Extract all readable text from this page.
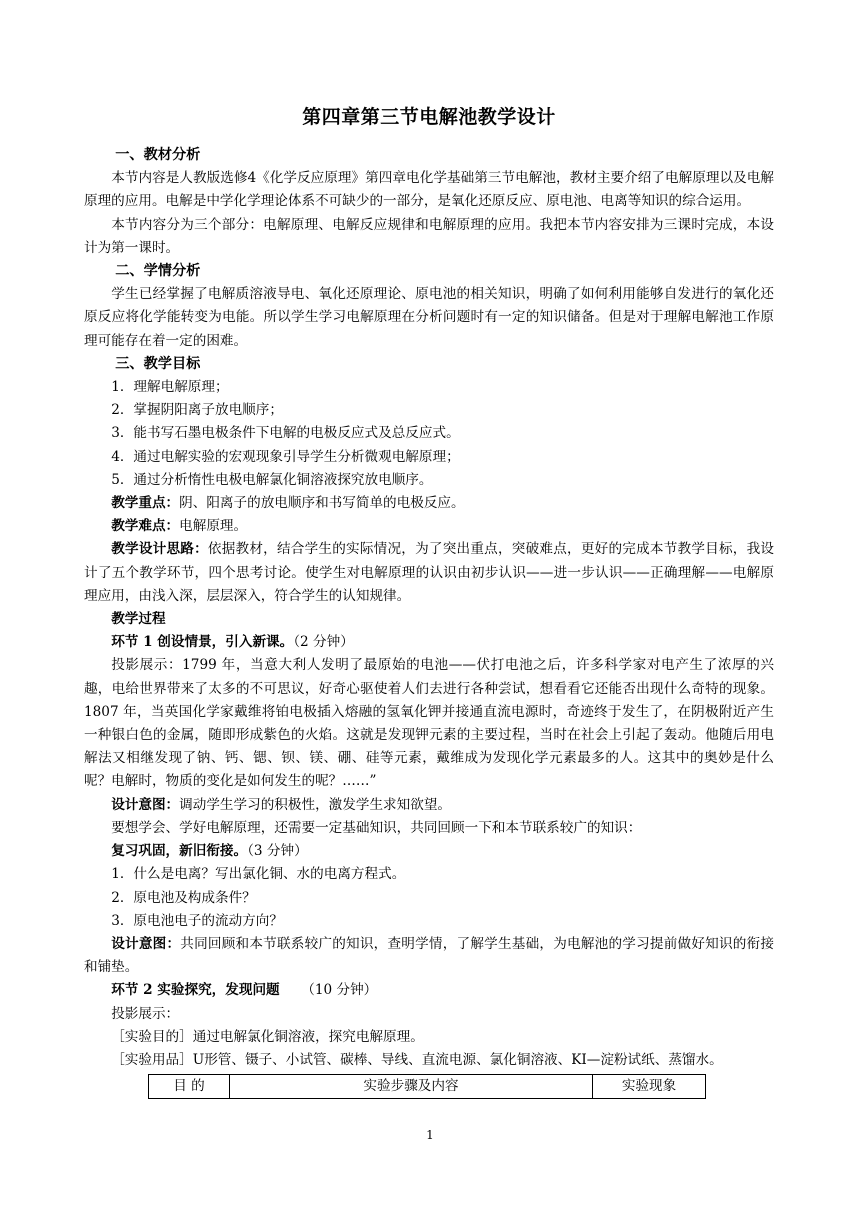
第四章第三节电解池教学设计

一、教材分析

本节内容是人教版选修4《化学反应原理》第四章电化学基础第三节电解池，教材主要介绍了电解原理以及电解原理的应用。电解是中学化学理论体系不可缺少的一部分，是氧化还原反应、原电池、电离等知识的综合运用。

本节内容分为三个部分：电解原理、电解反应规律和电解原理的应用。我把本节内容安排为三课时完成，本设计为第一课时。

二、学情分析

学生已经掌握了电解质溶液导电、氧化还原理论、原电池的相关知识，明确了如何利用能够自发进行的氧化还原反应将化学能转变为电能。所以学生学习电解原理在分析问题时有一定的知识储备。但是对于理解电解池工作原理可能存在着一定的困难。

三、教学目标

1．理解电解原理；

2．掌握阴阳离子放电顺序；

3．能书写石墨电极条件下电解的电极反应式及总反应式。

4．通过电解实验的宏观现象引导学生分析微观电解原理；

5．通过分析惰性电极电解氯化铜溶液探究放电顺序。

教学重点：阴、阳离子的放电顺序和书写简单的电极反应。

教学难点：电解原理。

教学设计思路：依据教材，结合学生的实际情况，为了突出重点，突破难点，更好的完成本节教学目标，我设计了五个教学环节，四个思考讨论。使学生对电解原理的认识由初步认识——进一步认识——正确理解——电解原理应用，由浅入深，层层深入，符合学生的认知规律。

教学过程

环节 1 创设情景，引入新课。（2 分钟）

投影展示：1799 年，当意大利人发明了最原始的电池——伏打电池之后，许多科学家对电产生了浓厚的兴趣，电给世界带来了太多的不可思议，好奇心驱使着人们去进行各种尝试，想看看它还能否出现什么奇特的现象。1807 年，当英国化学家戴维将铂电极插入熔融的氢氧化钾并接通直流电源时，奇迹终于发生了，在阴极附近产生一种银白色的金属，随即形成紫色的火焰。这就是发现钾元素的主要过程，当时在社会上引起了轰动。他随后用电解法又相继发现了钠、钙、锶、钡、镁、硼、硅等元素，戴维成为发现化学元素最多的人。这其中的奥妙是什么呢？电解时，物质的变化是如何发生的呢？……”

设计意图：调动学生学习的积极性，激发学生求知欲望。

要想学会、学好电解原理，还需要一定基础知识，共同回顾一下和本节联系较广的知识：

复习巩固，新旧衔接。（3 分钟）

1．什么是电离？写出氯化铜、水的电离方程式。

2．原电池及构成条件？

3．原电池电子的流动方向？

设计意图：共同回顾和本节联系较广的知识，查明学情，了解学生基础，为电解池的学习提前做好知识的衔接和铺垫。

环节 2 实验探究，发现问题 （10 分钟）

投影展示：

［实验目的］通过电解氯化铜溶液，探究电解原理。

［实验用品］U形管、镊子、小试管、碳棒、导线、直流电源、氯化铜溶液、KI—淀粉试纸、蒸馏水。

目 的	实验步骤及内容	实验现象
1
